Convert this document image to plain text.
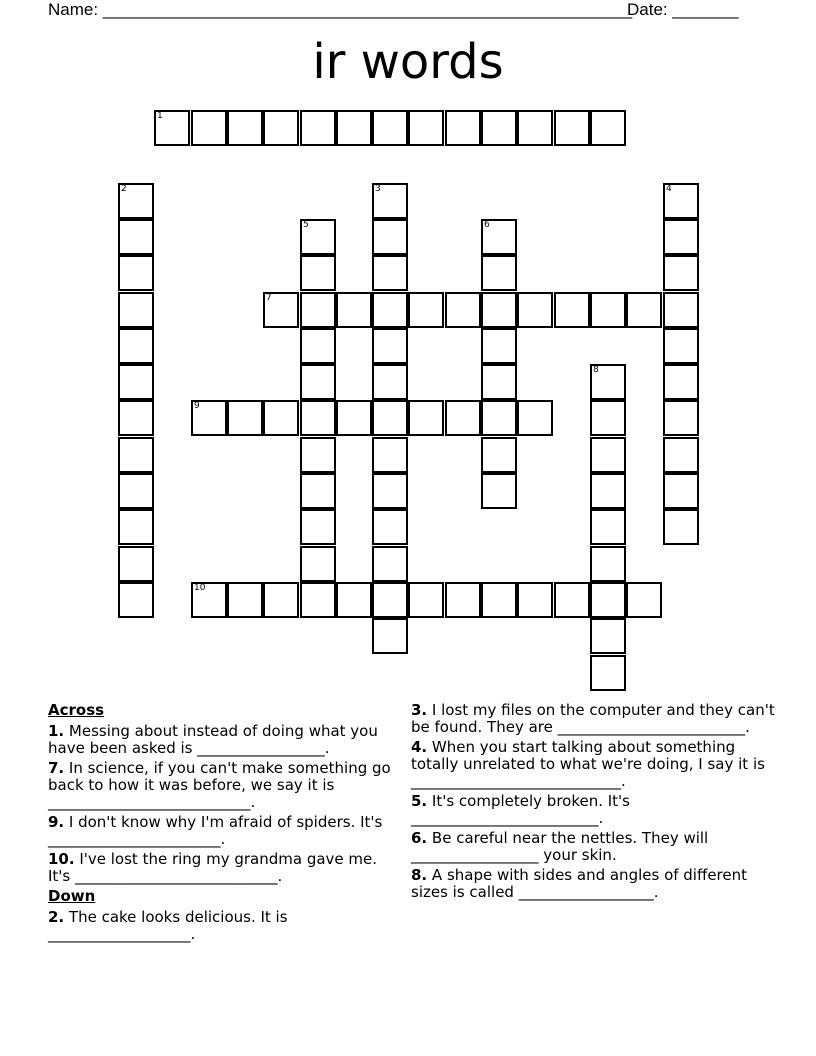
Name: ________________________________________________________
Date: _______
ir words
1
7
9
10
2	3	4
5	6
8
Across
1. Messing about instead of doing what you have been asked is _________________.
7. In science, if you can't make something go back to how it was before, we say it is ___________________________.
9. I don't know why I'm afraid of spiders. It's _______________________.
10. I've lost the ring my grandma gave me. It's ___________________________.
Down
2. The cake looks delicious. It is ___________________.
3. I lost my files on the computer and they can't be found. They are _________________________.
4. When you start talking about something totally unrelated to what we're doing, I say it is ____________________________.
5. It's completely broken. It's _________________________.
6. Be careful near the nettles. They will _________________ your skin.
8. A shape with sides and angles of different sizes is called __________________.
